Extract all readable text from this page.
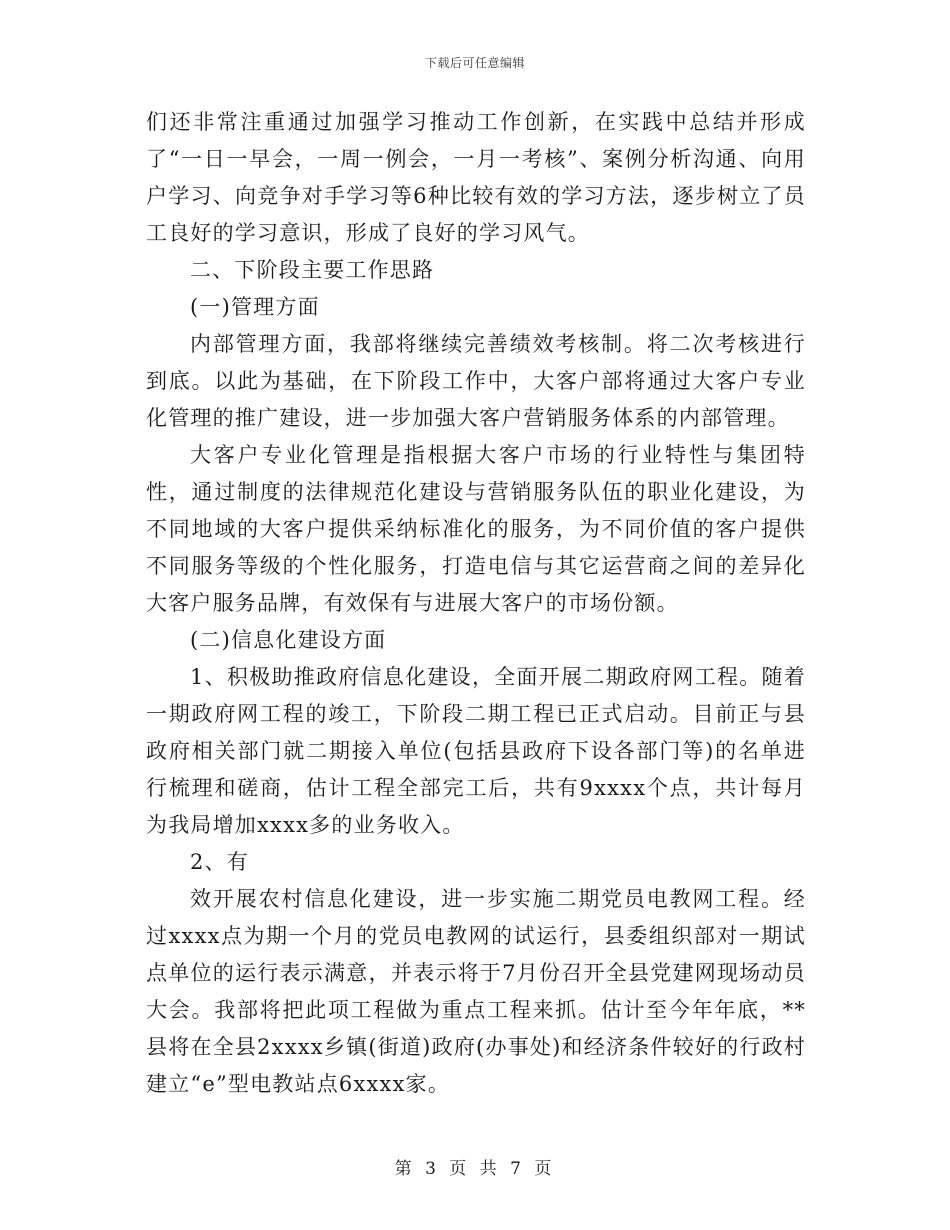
下载后可任意编辑

们还非常注重通过加强学习推动工作创新，在实践中总结并形成了“一日一早会，一周一例会，一月一考核”、案例分析沟通、向用户学习、向竞争对手学习等6种比较有效的学习方法，逐步树立了员工良好的学习意识，形成了良好的学习风气。

二、下阶段主要工作思路

(一)管理方面

内部管理方面，我部将继续完善绩效考核制。将二次考核进行到底。以此为基础，在下阶段工作中，大客户部将通过大客户专业化管理的推广建设，进一步加强大客户营销服务体系的内部管理。

大客户专业化管理是指根据大客户市场的行业特性与集团特性，通过制度的法律规范化建设与营销服务队伍的职业化建设，为不同地域的大客户提供采纳标准化的服务，为不同价值的客户提供不同服务等级的个性化服务，打造电信与其它运营商之间的差异化大客户服务品牌，有效保有与进展大客户的市场份额。

(二)信息化建设方面

1、积极助推政府信息化建设，全面开展二期政府网工程。随着一期政府网工程的竣工，下阶段二期工程已正式启动。目前正与县政府相关部门就二期接入单位(包括县政府下设各部门等)的名单进行梳理和磋商，估计工程全部完工后，共有9xxxx个点，共计每月为我局增加xxxx多的业务收入。

2、有

效开展农村信息化建设，进一步实施二期党员电教网工程。经过xxxx点为期一个月的党员电教网的试运行，县委组织部对一期试点单位的运行表示满意，并表示将于7月份召开全县党建网现场动员大会。我部将把此项工程做为重点工程来抓。估计至今年年底，**县将在全县2xxxx乡镇(街道)政府(办事处)和经济条件较好的行政村建立“e”型电教站点6xxxx家。

第 3 页 共 7 页
